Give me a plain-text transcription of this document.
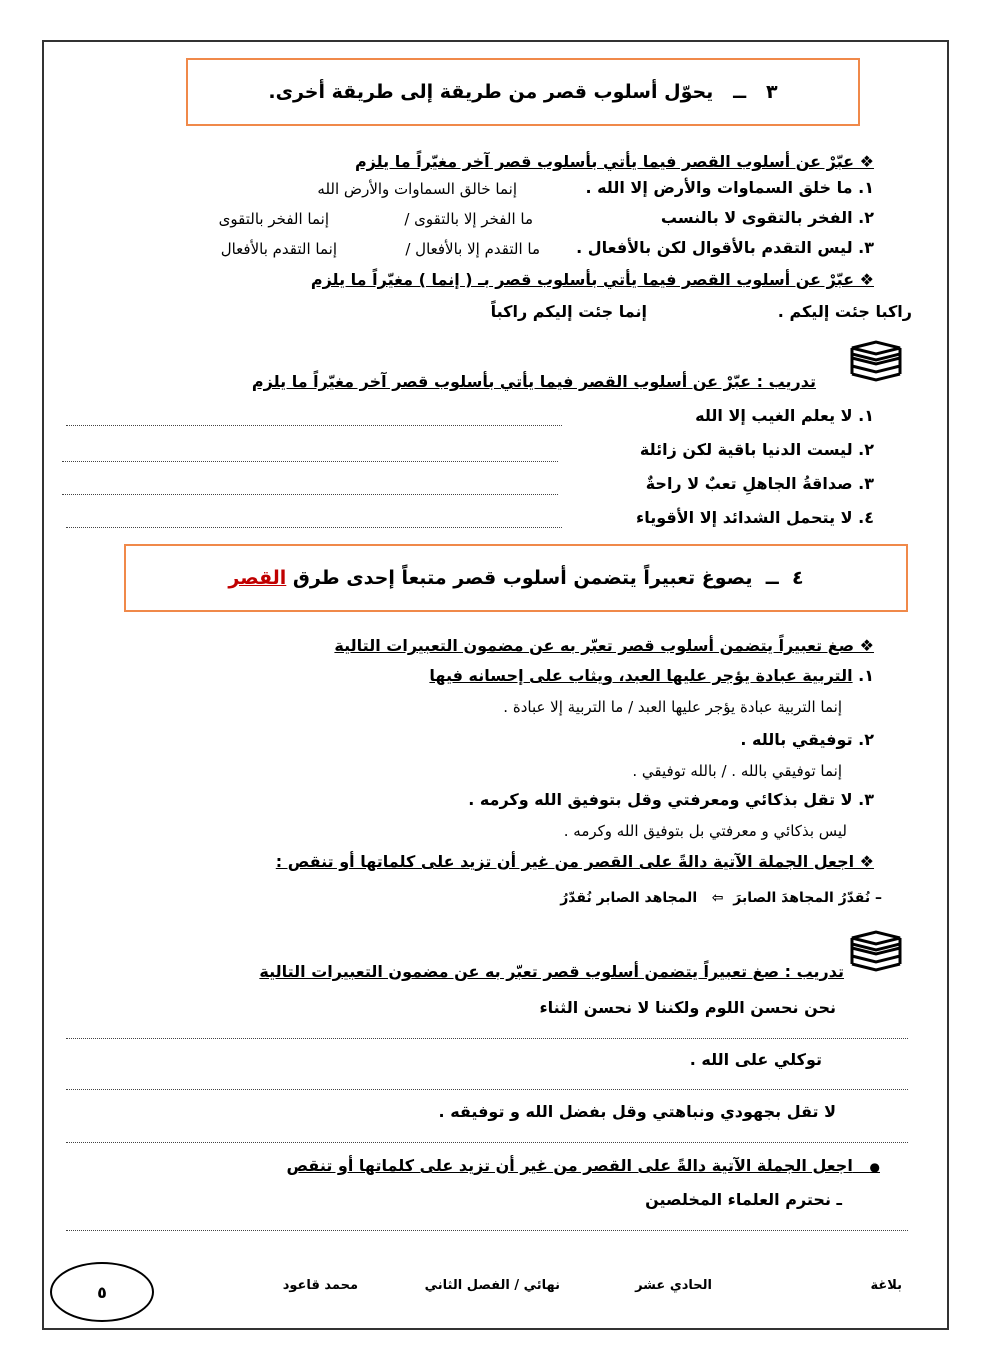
٣

ــ

يحوّل أسلوب قصر من طريقة إلى طريقة أخرى.
❖ عبّرْ عن أسلوب القصر فيما يأتي بأسلوب قصر آخر مغيّراً ما يلزم
١. ما خلق السماوات والأرض إلا الله .
إنما خالق السماوات والأرض الله
٢. الفخر بالتقوى لا بالنسب
ما الفخر إلا بالتقوى /
إنما الفخر بالتقوى
٣. ليس التقدم بالأقوال لكن بالأفعال .
ما التقدم إلا بالأفعال /
إنما التقدم بالأفعال
❖ عبّرْ عن أسلوب القصر فيما يأتي بأسلوب قصر بـ ( إنما ) مغيّراً ما يلزم
راكبا جئت إليكم .
إنما جئت إليكم راكباً
تدريب : عبّرْ عن أسلوب القصر فيما يأتي بأسلوب قصر آخر مغيّراً ما يلزم
١. لا يعلم الغيب إلا الله
٢. ليست الدنيا باقية لكن زائلة
٣. صداقةُ الجاهلِ تعبٌ لا راحةٌ
٤. لا يتحمل الشدائد إلا الأقوياء
٤

ــ

يصوغ تعبيراً يتضمن أسلوب قصر متبعاً إحدى طرق

القصر
❖ صغ تعبيراً يتضمن أسلوب قصر تعبّر به عن مضمون التعبيرات التالية
١. التربية عبادة يؤجر عليها العبد، ويثاب على إحسانه فيها
إنما التربية عبادة يؤجر عليها العبد / ما التربية إلا عبادة .
٢. توفيقي بالله .
إنما توفيقي بالله . / بالله توفيقي .
٣. لا تقل بذكائي ومعرفتي وقل بتوفيق الله وكرمه .
ليس بذكائي و معرفتي بل بتوفيق الله وكرمه .
❖ اجعل الجملة الآتية دالةً على القصر من غير أن تزيد على كلماتها أو تنقص :
– نُقدّرُ المجاهدَ الصابرَ  ⇦   المجاهد الصابر نُقدّرُ
تدريب : صغ تعبيراً يتضمن أسلوب قصر تعبّر به عن مضمون التعبيرات التالية
نحن نحسن اللوم ولكننا لا نحسن الثناء
توكلي على الله .
لا تقل بجهودي ونباهتي وقل بفضل الله و توفيقه .
●   اجعل الجملة الآتية دالةً على القصر من غير أن تزيد على كلماتها أو تنقص
ـ نحترم العلماء المخلصين
بلاغة
الحادي عشر
نهائي / الفصل الثاني
محمد قاعود
٥
